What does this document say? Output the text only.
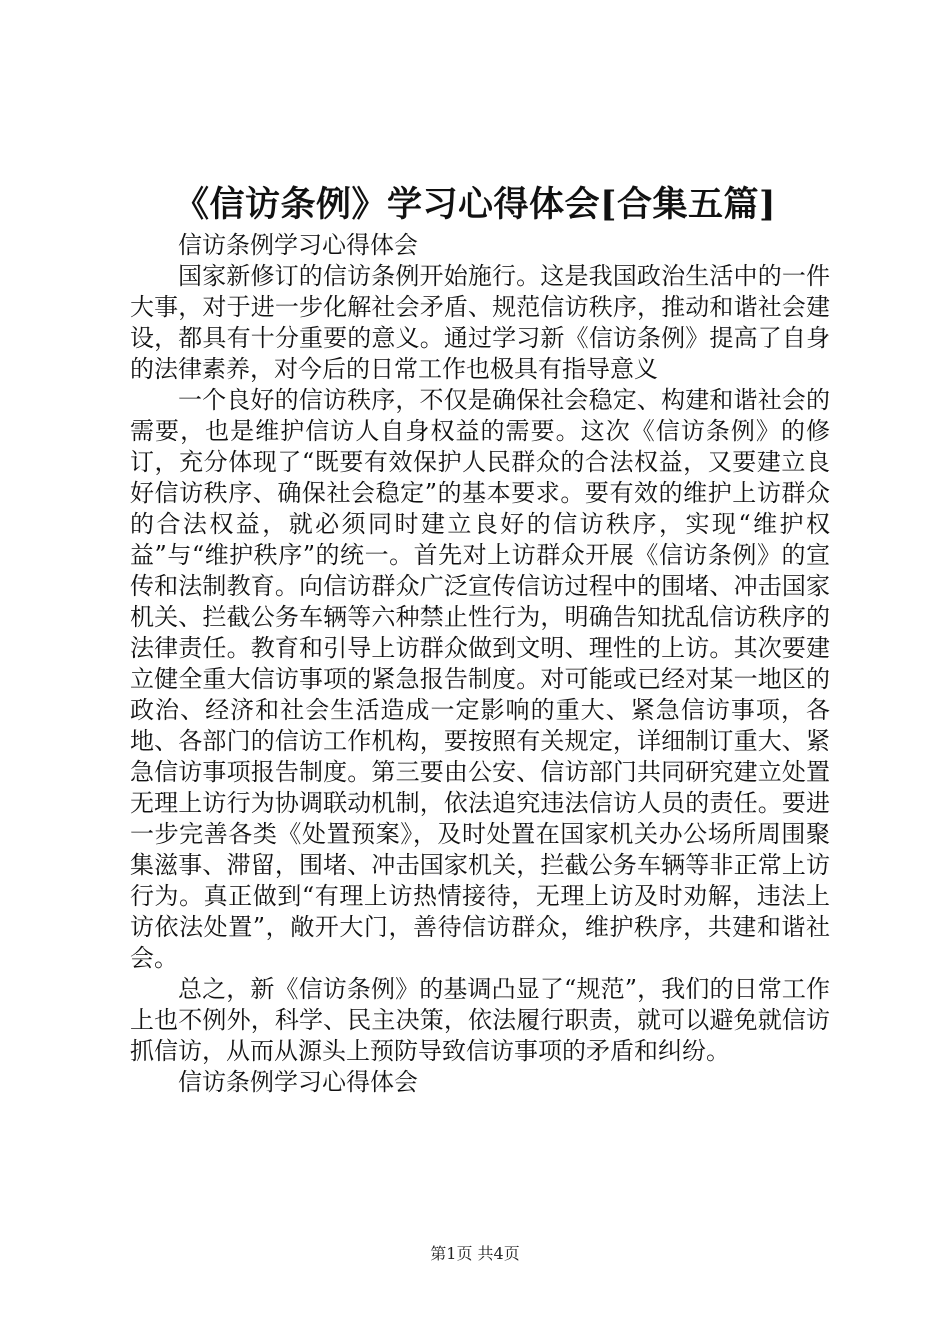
《信访条例》学习心得体会[合集五篇]

信访条例学习心得体会

国家新修订的信访条例开始施行。这是我国政治生活中的一件大事，对于进一步化解社会矛盾、规范信访秩序，推动和谐社会建设，都具有十分重要的意义。通过学习新《信访条例》提高了自身的法律素养，对今后的日常工作也极具有指导意义

一个良好的信访秩序，不仅是确保社会稳定、构建和谐社会的需要，也是维护信访人自身权益的需要。这次《信访条例》的修订，充分体现了“既要有效保护人民群众的合法权益，又要建立良好信访秩序、确保社会稳定”的基本要求。要有效的维护上访群众的合法权益，就必须同时建立良好的信访秩序，实现“维护权益”与“维护秩序”的统一。首先对上访群众开展《信访条例》的宣传和法制教育。向信访群众广泛宣传信访过程中的围堵、冲击国家机关、拦截公务车辆等六种禁止性行为，明确告知扰乱信访秩序的法律责任。教育和引导上访群众做到文明、理性的上访。其次要建立健全重大信访事项的紧急报告制度。对可能或已经对某一地区的政治、经济和社会生活造成一定影响的重大、紧急信访事项，各地、各部门的信访工作机构，要按照有关规定，详细制订重大、紧急信访事项报告制度。第三要由公安、信访部门共同研究建立处置无理上访行为协调联动机制，依法追究违法信访人员的责任。要进一步完善各类《处置预案》，及时处置在国家机关办公场所周围聚集滋事、滞留，围堵、冲击国家机关，拦截公务车辆等非正常上访行为。真正做到“有理上访热情接待，无理上访及时劝解，违法上访依法处置”，敞开大门，善待信访群众，维护秩序，共建和谐社会。

总之，新《信访条例》的基调凸显了“规范”，我们的日常工作上也不例外，科学、民主决策，依法履行职责，就可以避免就信访抓信访，从而从源头上预防导致信访事项的矛盾和纠纷。

信访条例学习心得体会

第1页 共4页
